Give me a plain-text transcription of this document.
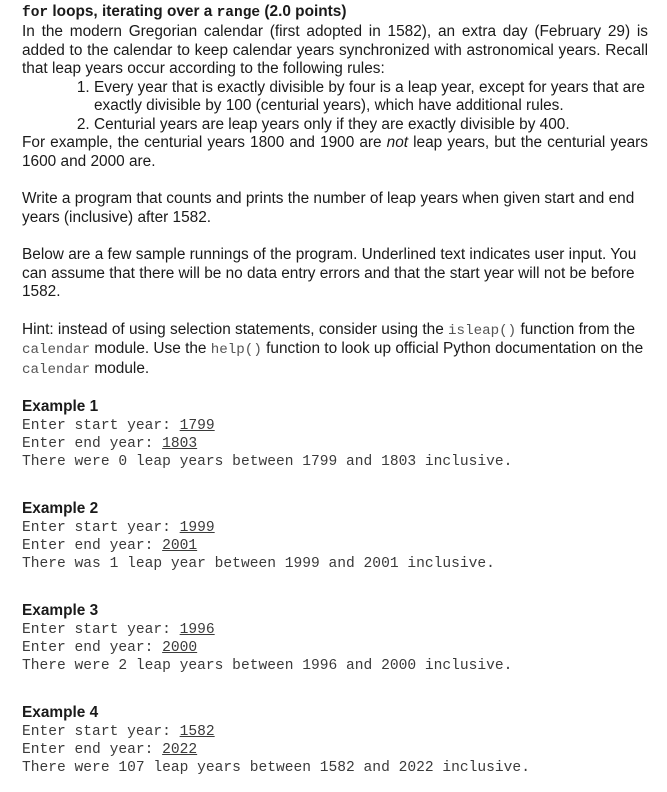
for loops, iterating over a range (2.0 points)

In the modern Gregorian calendar (first adopted in 1582), an extra day (February 29) is added to the calendar to keep calendar years synchronized with astronomical years. Recall that leap years occur according to the following rules:

1. Every year that is exactly divisible by four is a leap year, except for years that are exactly divisible by 100 (centurial years), which have additional rules.
2. Centurial years are leap years only if they are exactly divisible by 400.

For example, the centurial years 1800 and 1900 are not leap years, but the centurial years 1600 and 2000 are.

Write a program that counts and prints the number of leap years when given start and end years (inclusive) after 1582.

Below are a few sample runnings of the program. Underlined text indicates user input. You can assume that there will be no data entry errors and that the start year will not be before 1582.

Hint: instead of using selection statements, consider using the isleap() function from the calendar module. Use the help() function to look up official Python documentation on the calendar module.

Example 1

Enter start year: 1799

Enter end year: 1803

There were 0 leap years between 1799 and 1803 inclusive.

Example 2

Enter start year: 1999

Enter end year: 2001

There was 1 leap year between 1999 and 2001 inclusive.

Example 3

Enter start year: 1996

Enter end year: 2000

There were 2 leap years between 1996 and 2000 inclusive.

Example 4

Enter start year: 1582

Enter end year: 2022

There were 107 leap years between 1582 and 2022 inclusive.
